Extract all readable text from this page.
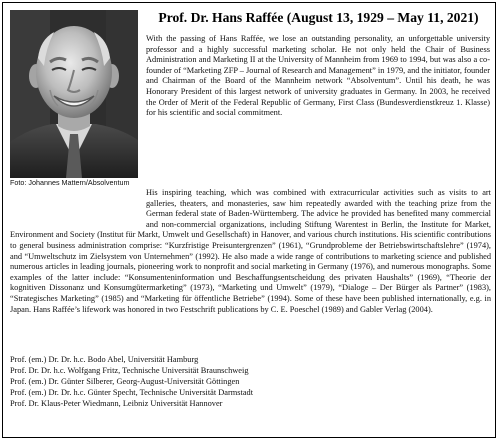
Foto: Johannes Mattern/Absolventum
Prof. Dr. Hans Raffée (August 13, 1929 – May 11, 2021)
With the passing of Hans Raffée, we lose an outstanding personality, an unforgettable university professor and a highly successful marketing scholar. He not only held the Chair of Business Administration and Marketing II at the University of Mannheim from 1969 to 1994, but was also a co-founder of “Marketing ZFP – Journal of Research and Management” in 1979, and the initiator, founder and Chairman of the Board of the Mannheim network “Absolventum”. Until his death, he was Honorary President of this largest network of university graduates in Germany. In 2003, he received the Order of Merit of the Federal Republic of Germany, First Class (Bundesverdienstkreuz 1. Klasse) for his scientific and social commitment.
His inspiring teaching, which was combined with extracurricular activities such as visits to art galleries, theaters, and monasteries, saw him repeatedly awarded with the teaching prize from the German federal state of Baden-Württemberg. The advice he provided has benefited many commercial and non-commercial organizations, including Stiftung Warentest in Berlin, the Institute for Market, Environment and Society (Institut für Markt, Umwelt und Gesellschaft) in Hanover, and various church institutions. His scientific contributions to general business administration comprise: “Kurzfristige Preisuntergrenzen” (1961), “Grundprobleme der Betriebswirtschaftslehre” (1974), and “Umweltschutz im Zielsystem von Unternehmen” (1992). He also made a wide range of contributions to marketing science and published numerous articles in leading journals, pioneering work to nonprofit and social marketing in Germany (1976), and numerous monographs. Some examples of the latter include: “Konsumenteninformation und Beschaffungsentscheidung des privaten Haushalts” (1969), “Theorie der kognitiven Dissonanz und Konsumgütermarketing” (1973), “Marketing und Umwelt” (1979), “Dialoge – Der Bürger als Partner” (1983), “Strategisches Marketing” (1985) and “Marketing für öffentliche Betriebe” (1994). Some of these have been published internationally, e.g. in Japan. Hans Raffée’s lifework was honored in two Festschrift publications by C. E. Poeschel (1989) and Gabler Verlag (2004).
Prof. (em.) Dr. Dr. h.c. Bodo Abel, Universität Hamburg
Prof. Dr. Dr. h.c. Wolfgang Fritz, Technische Universität Braunschweig
Prof. (em.) Dr. Günter Silberer, Georg-August-Universität Göttingen
Prof. (em.) Dr. Dr. h.c. Günter Specht, Technische Universität Darmstadt
Prof. Dr. Klaus-Peter Wiedmann, Leibniz Universität Hannover
